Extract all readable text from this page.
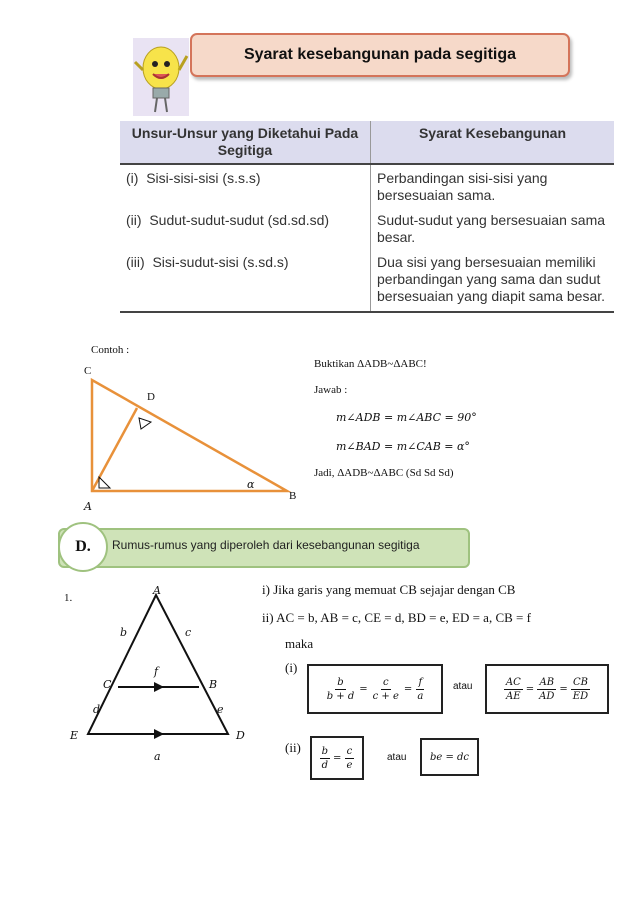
Syarat kesebangunan pada segitiga
Unsur-Unsur yang Diketahui Pada Segitiga	Syarat Kesebangunan
(i) Sisi-sisi-sisi (s.s.s)	Perbandingan sisi-sisi yang bersesuaian sama.
(ii) Sudut-sudut-sudut (sd.sd.sd)	Sudut-sudut yang bersesuaian sama besar.
(iii) Sisi-sudut-sisi (s.sd.s)	Dua sisi yang bersesuaian memiliki perbandingan yang sama dan sudut bersesuaian yang diapit sama besar.
Contoh :
C
D
A
B
α
Buktikan ΔADB~ΔABC!
Jawab :
m∠ADB = m∠ABC = 90°
m∠BAD = m∠CAB = α°
Jadi, ΔADB~ΔABC (Sd Sd Sd)
D.	Rumus-rumus yang diperoleh dari kesebangunan segitiga
1.
A
b	c
f
C	B
d	e
E	D
a
i) Jika garis yang memuat CB sejajar dengan CB
ii) AC = b, AB = c, CE = d, BD = e, ED = a, CB = f
maka
(i)
(ii)
$\frac{b}{b + d} = \frac{c}{c + e} = \frac{f}{a}$	atau	$\frac{AC}{AE} = \frac{AB}{AD} = \frac{CB}{ED}$
$\frac{b}{d} = \frac{c}{e}$	atau	be = dc
